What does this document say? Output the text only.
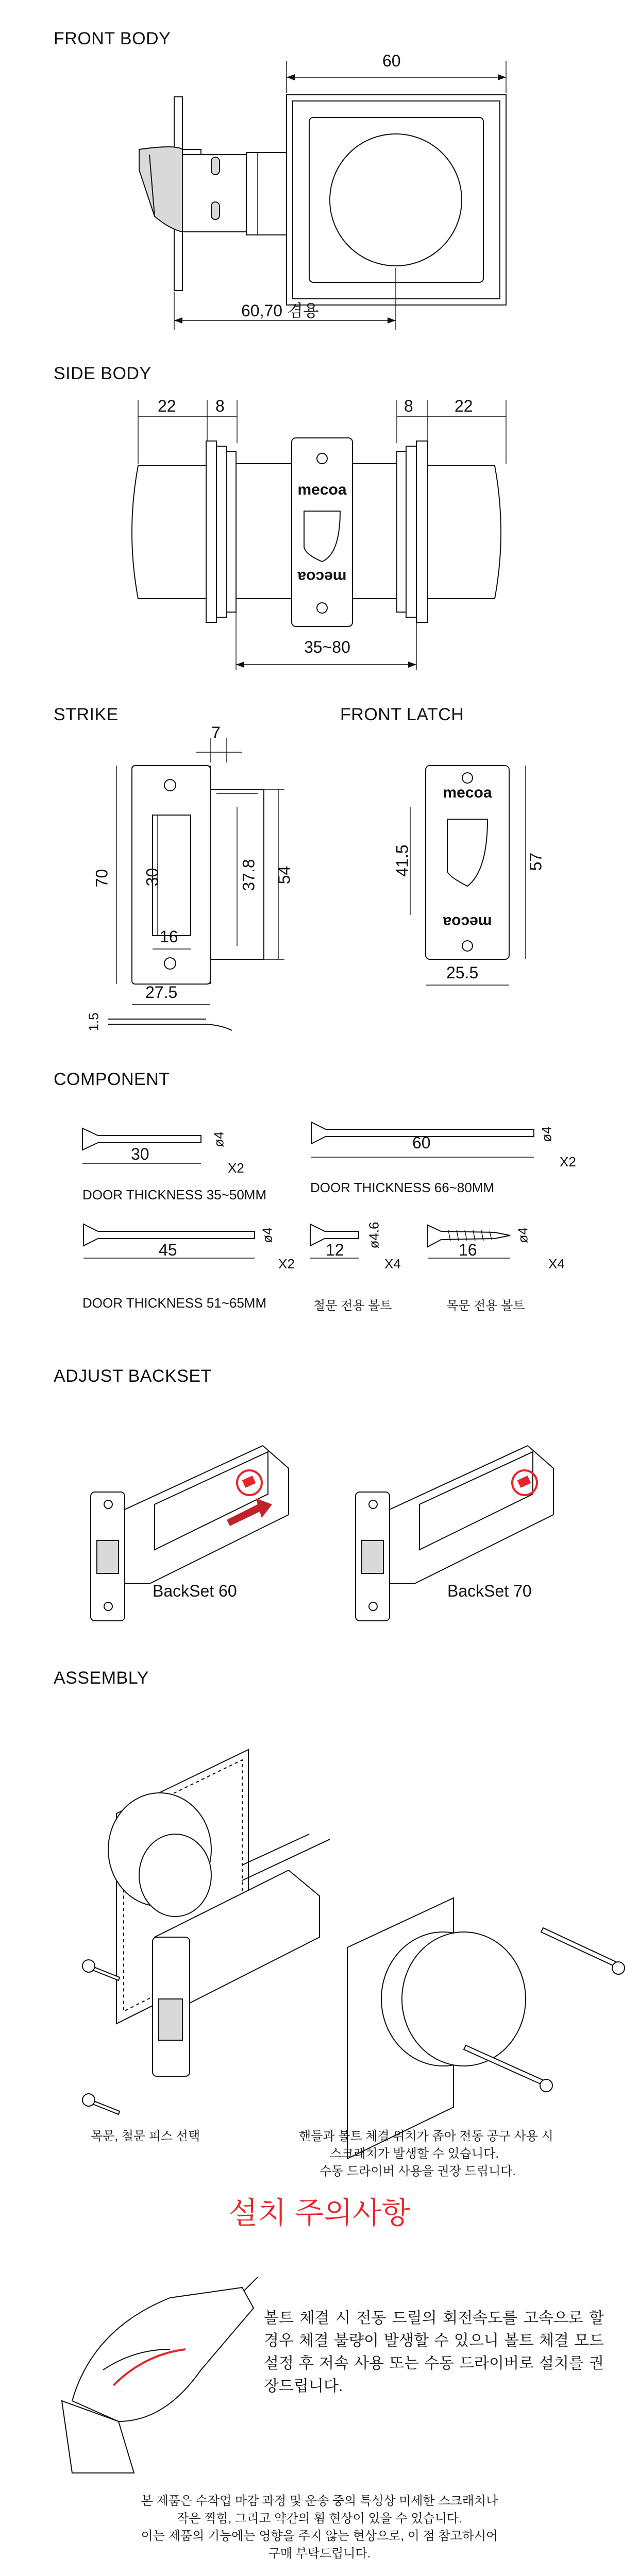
FRONT BODY
60
60,70 겸용
SIDE BODY
mecoa
mecoa
22 8	8	22
35~80
STRIKE	FRONT LATCH
mecoa
mecoa
7
70 30
16
37.8 54
27.5
1.5
41.5	57
25.5
COMPONENT
30
ø4
X2
DOOR THICKNESS 35~50MM
60	ø4
X2
DOOR THICKNESS 66~80MM
45
ø4
X2
DOOR THICKNESS 51~65MM
12 ø4.6
X4
철문 전용 볼트
16
ø4
X4
목문 전용 볼트
ADJUST BACKSET
BackSet 60	BackSet 70
ASSEMBLY
목문, 철문 피스 선택	핸들과 볼트 체결 위치가 좁아 전동 공구 사용 시
스크래치가 발생할 수 있습니다.
수동 드라이버 사용을 권장 드립니다.
설치 주의사항
볼트 체결 시 전동 드릴의 회전속도를 고속으로 할 경우 체결 불량이 발생할 수 있으니 볼트 체결 모드 설정 후 저속 사용 또는 수동 드라이버로 설치를 권장드립니다.
본 제품은 수작업 마감 과정 및 운송 중의 특성상 미세한 스크래치나
작은 찍힘, 그리고 약간의 휨 현상이 있을 수 있습니다.
이는 제품의 기능에는 영향을 주지 않는 현상으로, 이 점 참고하시어
구매 부탁드립니다.
